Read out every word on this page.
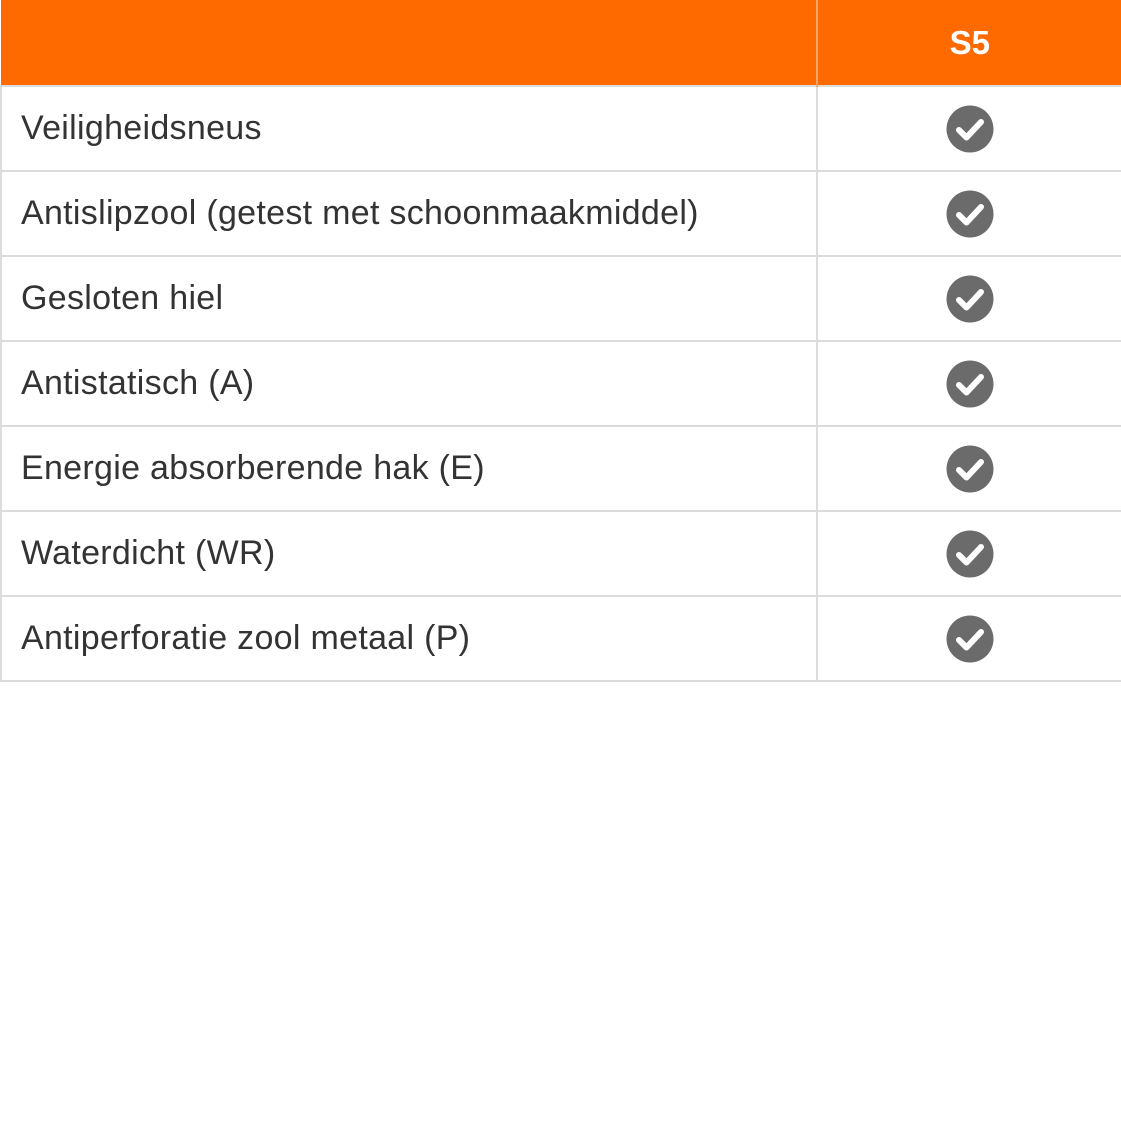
	S5
Veiligheidsneus	

Antislipzool (getest met schoonmaakmiddel)	

Gesloten hiel	

Antistatisch (A)	

Energie absorberende hak (E)	

Waterdicht (WR)	

Antiperforatie zool metaal (P)	
